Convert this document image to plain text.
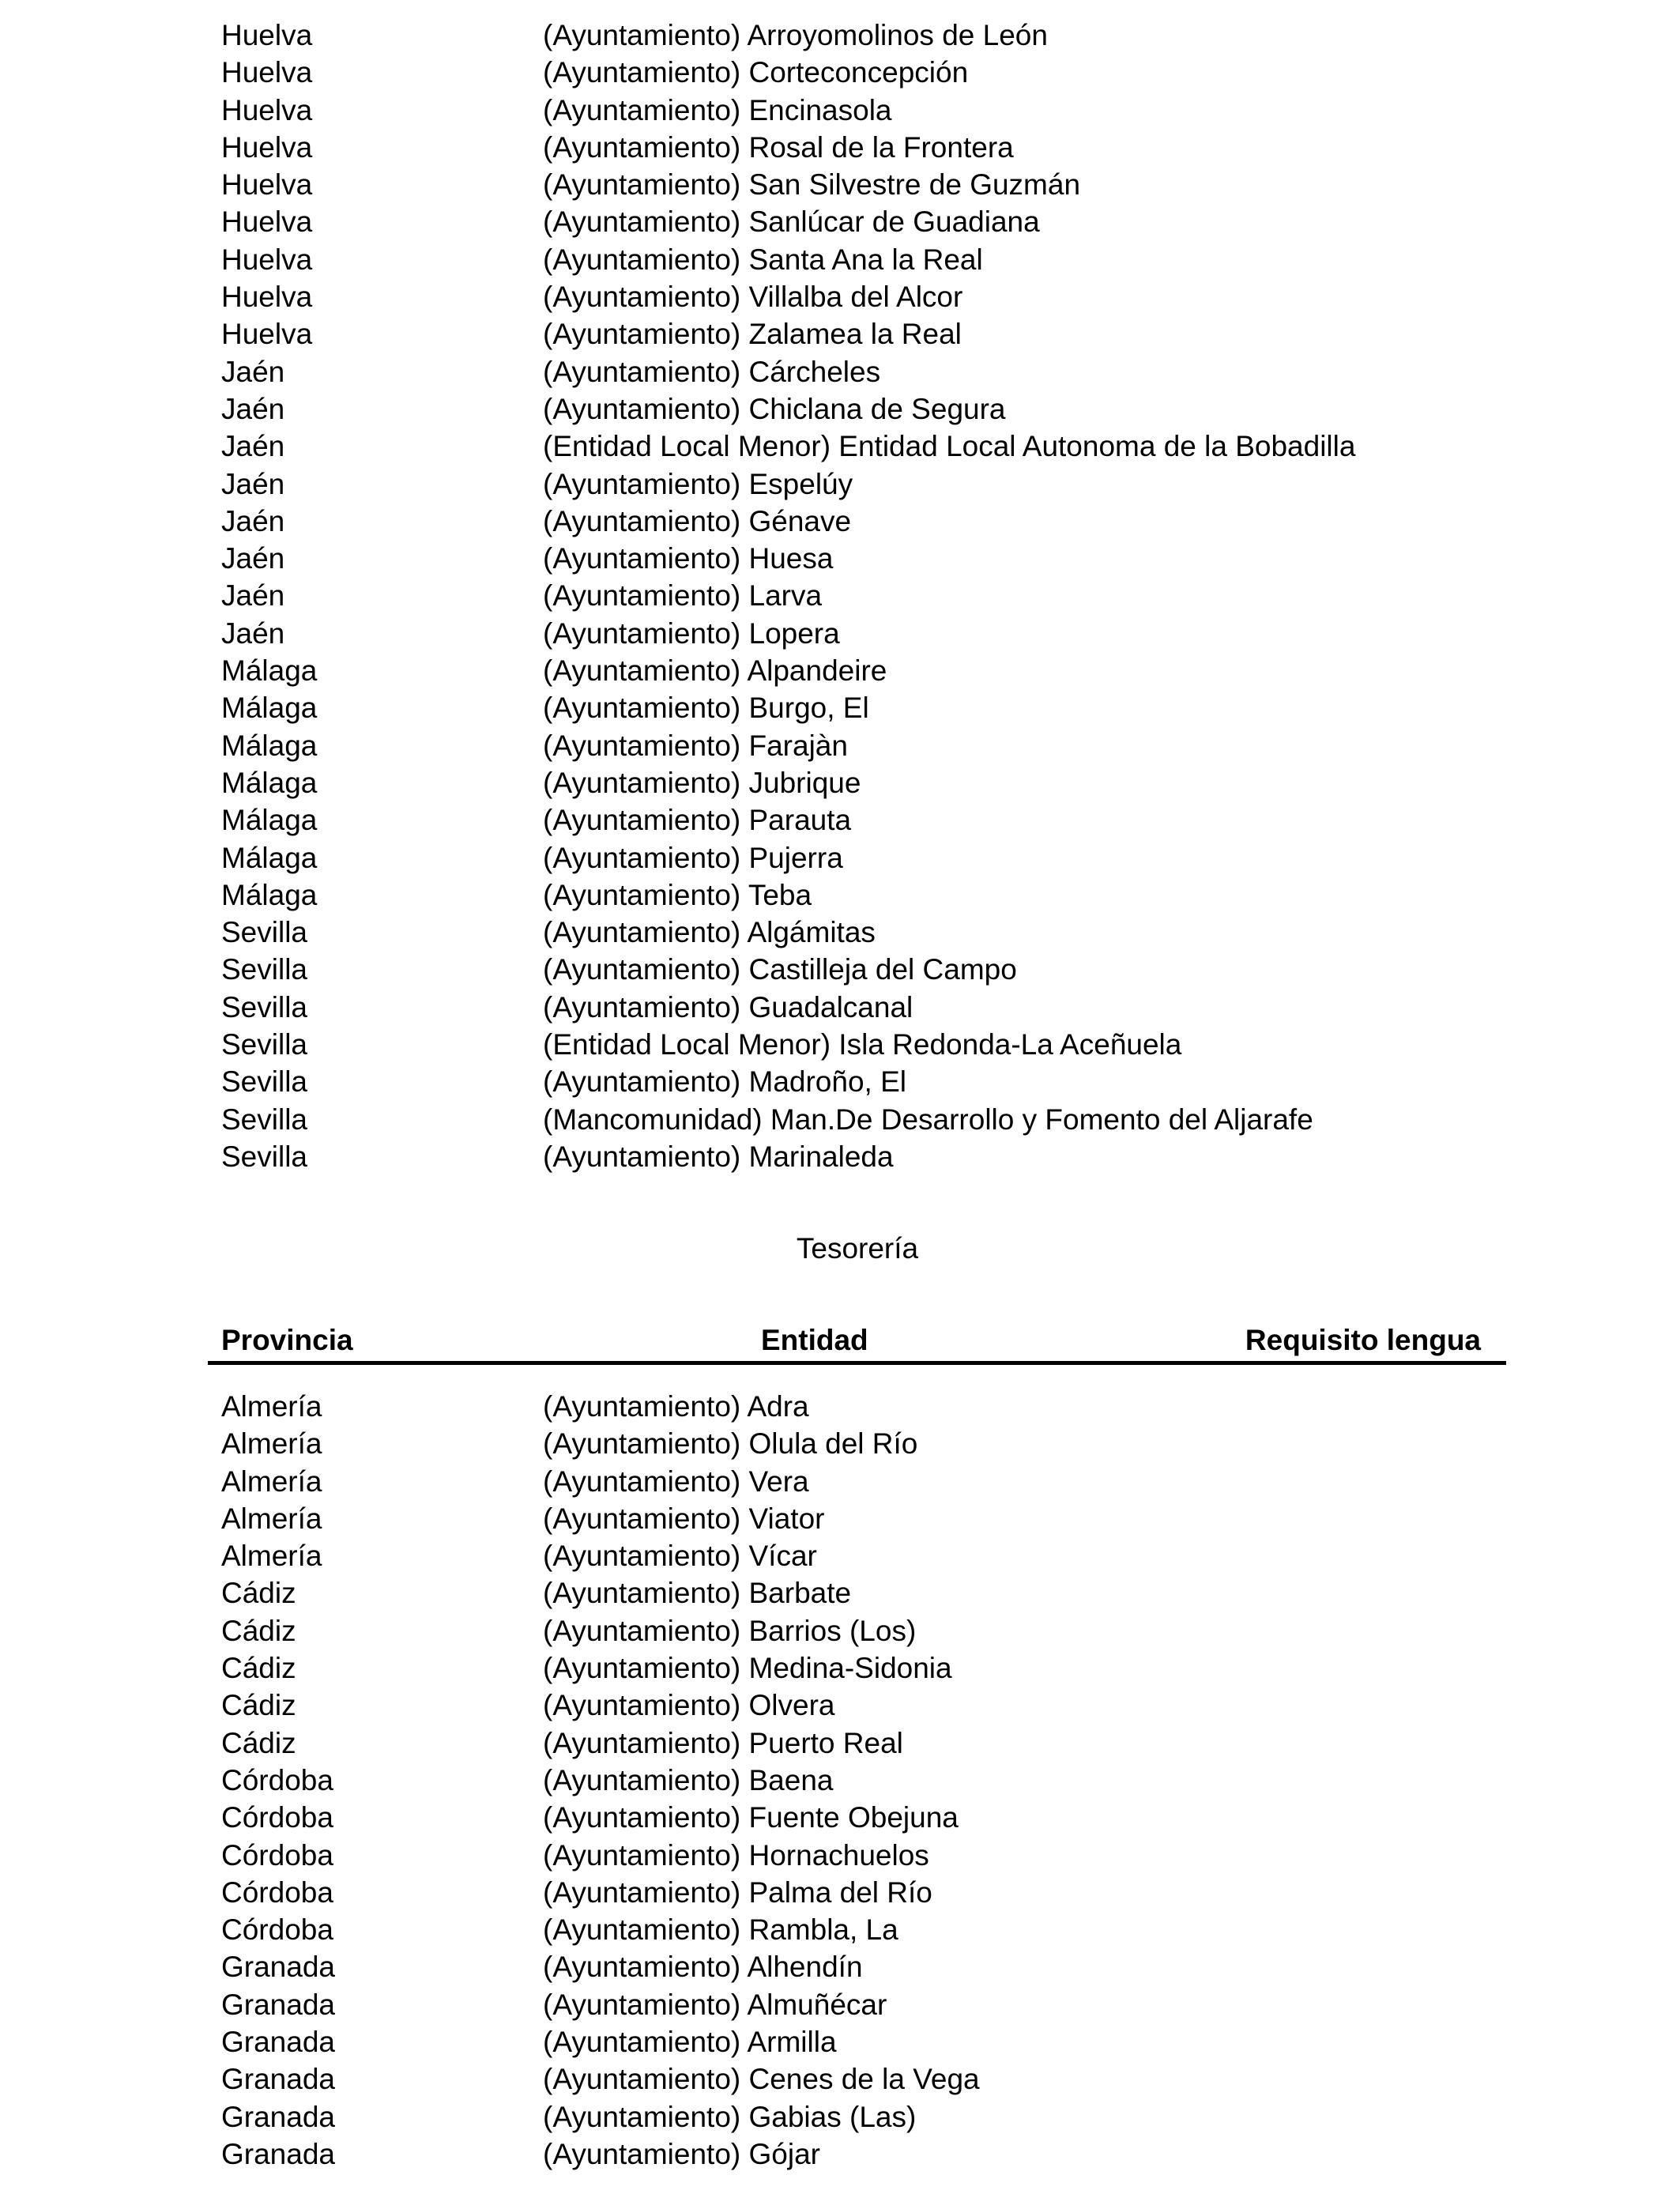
Huelva	(Ayuntamiento) Arroyomolinos de León
Huelva	(Ayuntamiento) Corteconcepción
Huelva	(Ayuntamiento) Encinasola
Huelva	(Ayuntamiento) Rosal de la Frontera
Huelva	(Ayuntamiento) San Silvestre de Guzmán
Huelva	(Ayuntamiento) Sanlúcar de Guadiana
Huelva	(Ayuntamiento) Santa Ana la Real
Huelva	(Ayuntamiento) Villalba del Alcor
Huelva	(Ayuntamiento) Zalamea la Real
Jaén	(Ayuntamiento) Cárcheles
Jaén	(Ayuntamiento) Chiclana de Segura
Jaén	(Entidad Local Menor) Entidad Local Autonoma de la Bobadilla
Jaén	(Ayuntamiento) Espelúy
Jaén	(Ayuntamiento) Génave
Jaén	(Ayuntamiento) Huesa
Jaén	(Ayuntamiento) Larva
Jaén	(Ayuntamiento) Lopera
Málaga	(Ayuntamiento) Alpandeire
Málaga	(Ayuntamiento) Burgo, El
Málaga	(Ayuntamiento) Farajàn
Málaga	(Ayuntamiento) Jubrique
Málaga	(Ayuntamiento) Parauta
Málaga	(Ayuntamiento) Pujerra
Málaga	(Ayuntamiento) Teba
Sevilla	(Ayuntamiento) Algámitas
Sevilla	(Ayuntamiento) Castilleja del Campo
Sevilla	(Ayuntamiento) Guadalcanal
Sevilla	(Entidad Local Menor) Isla Redonda-La Aceñuela
Sevilla	(Ayuntamiento) Madroño, El
Sevilla	(Mancomunidad) Man.De Desarrollo y Fomento del Aljarafe
Sevilla	(Ayuntamiento) Marinaleda
Tesorería
Provincia	Entidad	Requisito lengua
Almería	(Ayuntamiento) Adra
Almería	(Ayuntamiento) Olula del Río
Almería	(Ayuntamiento) Vera
Almería	(Ayuntamiento) Viator
Almería	(Ayuntamiento) Vícar
Cádiz	(Ayuntamiento) Barbate
Cádiz	(Ayuntamiento) Barrios (Los)
Cádiz	(Ayuntamiento) Medina-Sidonia
Cádiz	(Ayuntamiento) Olvera
Cádiz	(Ayuntamiento) Puerto Real
Córdoba	(Ayuntamiento) Baena
Córdoba	(Ayuntamiento) Fuente Obejuna
Córdoba	(Ayuntamiento) Hornachuelos
Córdoba	(Ayuntamiento) Palma del Río
Córdoba	(Ayuntamiento) Rambla, La
Granada	(Ayuntamiento) Alhendín
Granada	(Ayuntamiento) Almuñécar
Granada	(Ayuntamiento) Armilla
Granada	(Ayuntamiento) Cenes de la Vega
Granada	(Ayuntamiento) Gabias (Las)
Granada	(Ayuntamiento) Gójar
